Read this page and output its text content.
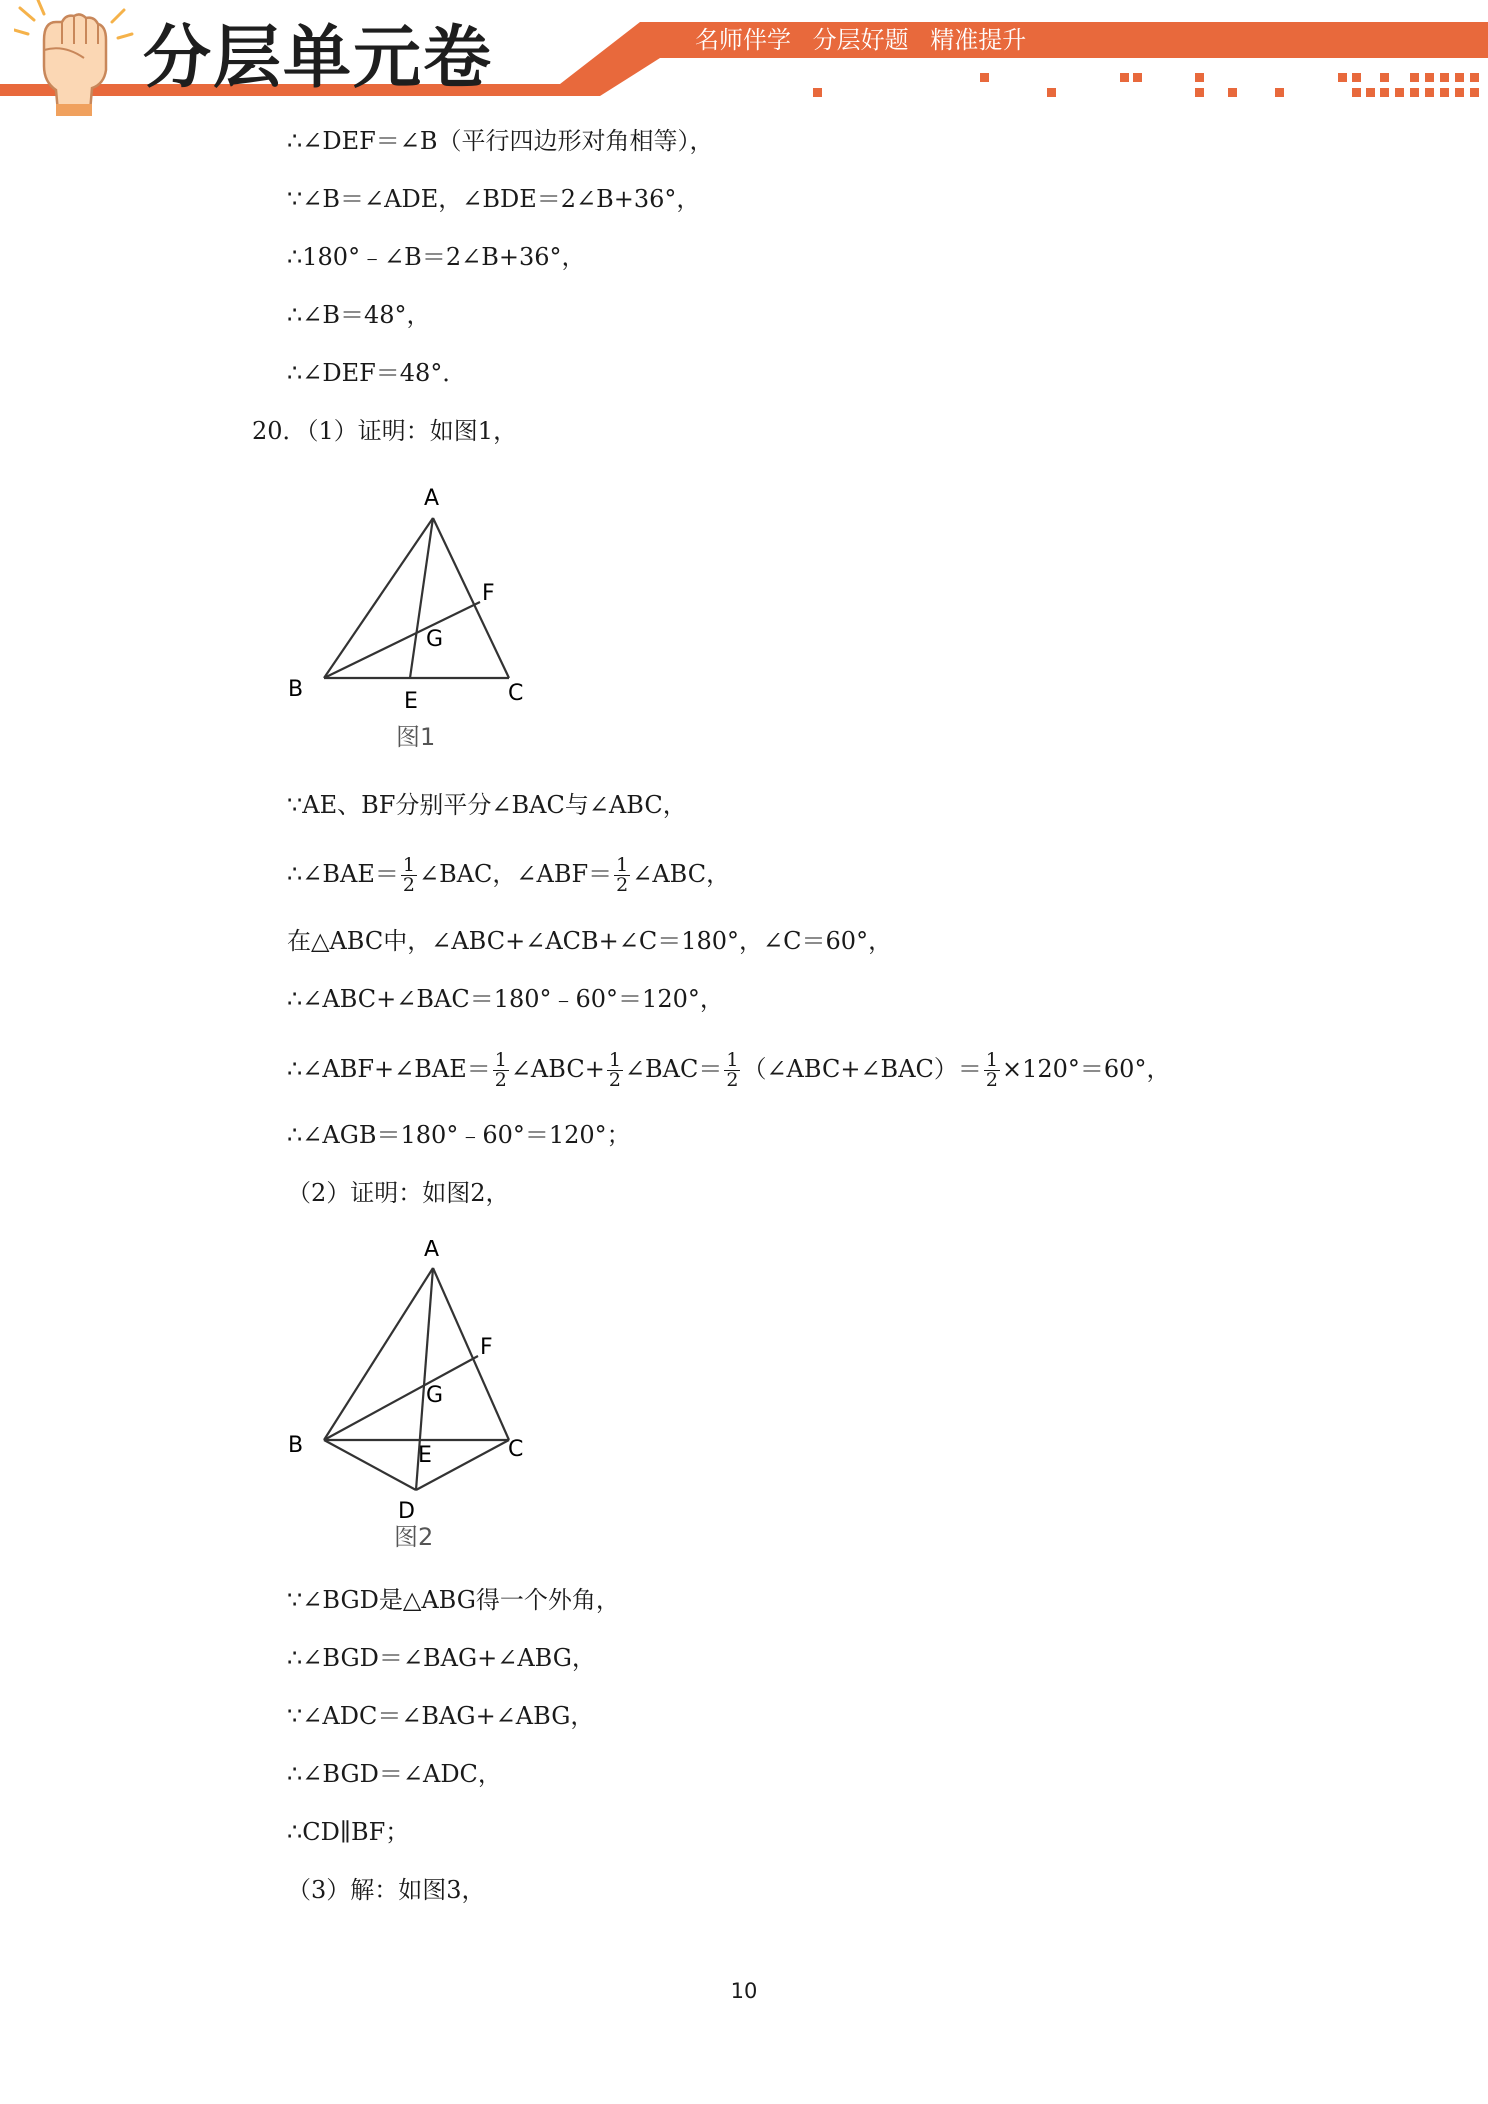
分层单元卷	名师伴学 分层好题 精准提升
∴∠DEF＝∠B（平行四边形对角相等），
∵∠B＝∠ADE，∠BDE＝2∠B+36°，
∴180°﹣∠B＝2∠B+36°，
∴∠B＝48°，
∴∠DEF＝48°．
20．（1）证明：如图1，
A
B	C
E
F
G
图1
∵AE、BF分别平分∠BAC与∠ABC，
∴∠BAE＝ $\frac{1}{2}$ ∠BAC，∠ABF＝ $\frac{1}{2}$ ∠ABC，
在△ABC中，∠ABC+∠ACB+∠C＝180°，∠C＝60°，
∴∠ABC+∠BAC＝180°﹣60°＝120°，
∴∠ABF+∠BAE＝ $\frac{1}{2}$ ∠ABC+ $\frac{1}{2}$ ∠BAC＝ $\frac{1}{2}$ （∠ABC+∠BAC）＝ $\frac{1}{2} \times 120^\circ=60^\circ$，
∴∠AGB＝180°﹣60°＝120°；
（2）证明：如图2，
A
B	C
D
E
F
G
图2
∵∠BGD是△ABG得一个外角，
∴∠BGD＝∠BAG+∠ABG，
∵∠ADC＝∠BAG+∠ABG，
∴∠BGD＝∠ADC，
∴CD∥BF；
（3）解：如图3，
10
